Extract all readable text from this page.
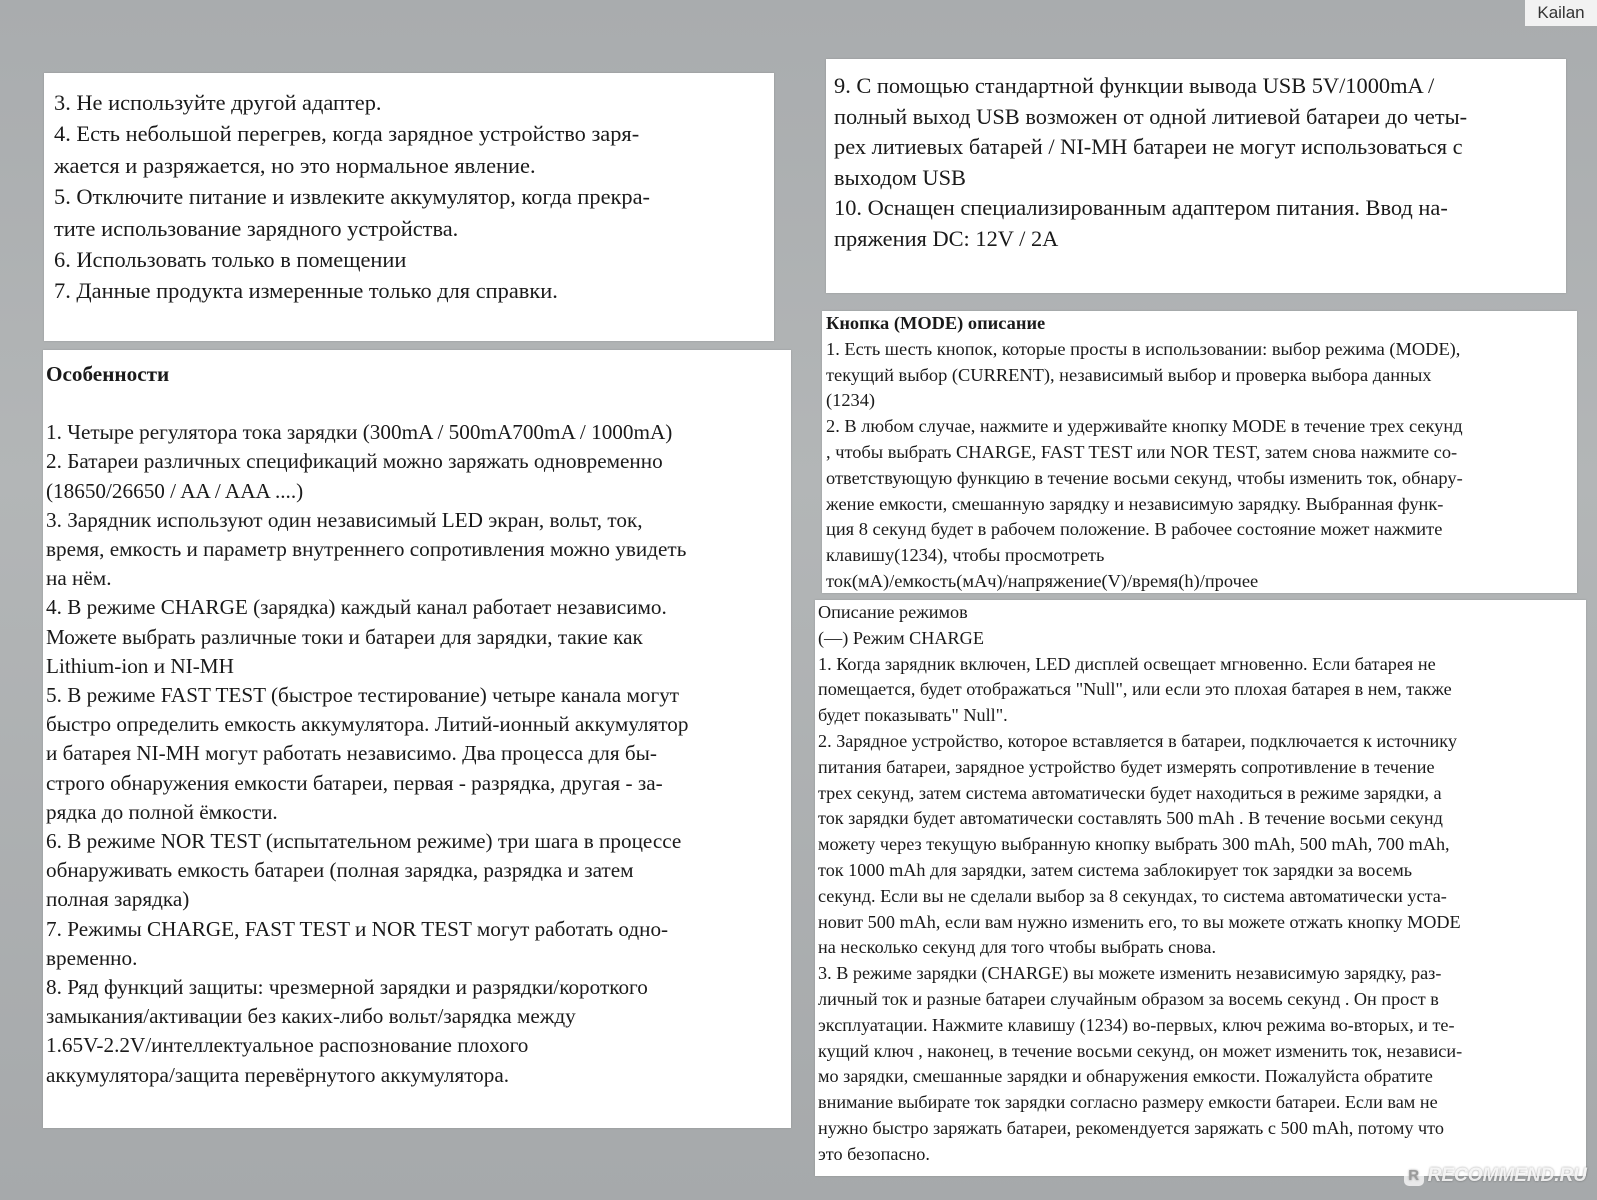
Kailan

3. Не используйте другой адаптер.

4. Есть небольшой перегрев, когда зарядное устройство заря-

жается и разряжается, но это нормальное явление.

5. Отключите питание и извлеките аккумулятор, когда прекра-

тите использование зарядного устройства.

6. Использовать только в помещении

7. Данные продукта измеренные только для справки.

9. С помощью стандартной функции вывода USB 5V/1000mA /

полный выход USB возможен от одной литиевой батареи до четы-

рех литиевых батарей / NI-MH батареи не могут использоваться с

выходом USB

10. Оснащен специализированным адаптером питания. Ввод на-

пряжения DC: 12V / 2A

Особенности

1. Четыре регулятора тока зарядки (300mA / 500mA700mA / 1000mA)

2. Батареи различных спецификаций можно заряжать одновременно

(18650/26650 / AA / AAA ....)

3. Зарядник используют один независимый LED экран, вольт, ток,

время, емкость и параметр внутреннего сопротивления можно увидеть

на нём.

4. В режиме CHARGE (зарядка) каждый канал работает независимо.

Можете выбрать различные токи и батареи для зарядки, такие как

Lithium-ion и NI-MH

5. В режиме FAST TEST (быстрое тестирование) четыре канала могут

быстро определить емкость аккумулятора. Литий-ионный аккумулятор

и батарея NI-MH могут работать независимо. Два процесса для бы-

строго обнаружения емкости батареи, первая - разрядка, другая - за-

рядка до полной ёмкости.

6. В режиме NOR TEST (испытательном режиме) три шага в процессе

обнаруживать емкость батареи (полная зарядка, разрядка и затем

полная зарядка)

7. Режимы CHARGE, FAST TEST и NOR TEST могут работать одно-

временно.

8. Ряд функций защиты: чрезмерной зарядки и разрядки/короткого

замыкания/активации без каких-либо вольт/зарядка между

1.65V-2.2V/интеллектуальное распознование плохого

аккумулятора/защита перевёрнутого аккумулятора.

Кнопка (MODE) описание

1. Есть шесть кнопок, которые просты в использовании: выбор режима (MODE),

текущий выбор (CURRENT), независимый выбор и проверка выбора данных

(1234)

2. В любом случае, нажмите и удерживайте кнопку MODE в течение трех секунд

, чтобы выбрать CHARGE, FAST TEST или NOR TEST, затем снова нажмите со-

ответствующую функцию в течение восьми секунд, чтобы изменить ток, обнару-

жение емкости, смешанную зарядку и независимую зарядку. Выбранная функ-

ция 8 секунд будет в рабочем положение. В рабочее состояние может нажмите

клавишу(1234), чтобы просмотреть

ток(мА)/емкость(мАч)/напряжение(V)/время(h)/прочее

Описание режимов

(—) Режим CHARGE

1. Когда зарядник включен, LED дисплей освещает мгновенно. Если батарея не

помещается, будет отображаться "Null", или если это плохая батарея в нем, также

будет показывать" Null".

2. Зарядное устройство, которое вставляется в батареи, подключается к источнику

питания батареи, зарядное устройство будет измерять сопротивление в течение

трех секунд, затем система автоматически будет находиться в режиме зарядки, а

ток зарядки будет автоматически составлять 500 mAh . В течение восьми секунд

можету через текущую выбранную кнопку выбрать 300 mAh, 500 mAh, 700 mAh,

ток 1000 mAh для зарядки, затем система заблокирует ток зарядки за восемь

секунд. Если вы не сделали выбор за 8 секундах, то система автоматически уста-

новит 500 mAh, если вам нужно изменить его, то вы можете отжать кнопку MODE

на несколько секунд для того чтобы выбрать снова.

3. В режиме зарядки (CHARGE) вы можете изменить независимую зарядку, раз-

личный ток и разные батареи случайным образом за восемь секунд . Он прост в

эксплуатации. Нажмите клавишу (1234) во-первых, ключ режима во-вторых, и те-

кущий ключ , наконец, в течение восьми секунд, он может изменить ток, независи-

мо зарядки, смешанные зарядки и обнаружения емкости. Пожалуйста обратите

внимание выбирате ток зарядки согласно размеру емкости батареи. Если вам не

нужно быстро заряжать батареи, рекомендуется заряжать с 500 mAh, потому что

это безопасно.

R RECOMMEND.RU
